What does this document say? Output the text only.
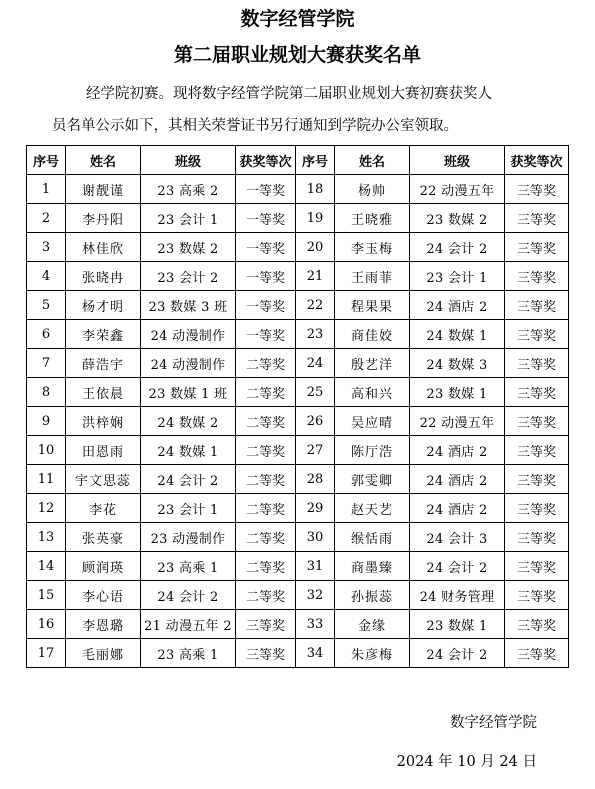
数字经管学院
第二届职业规划大赛获奖名单
经学院初赛。现将数字经管学院第二届职业规划大赛初赛获奖人
员名单公示如下，其相关荣誉证书另行通知到学院办公室领取。
序号	姓名	班级	获奖等次	序号	姓名	班级	获奖等次
1	谢靓谨	23 高乘 2	一等奖	18	杨帅	22 动漫五年	三等奖
2	李丹阳	23 会计 1	一等奖	19	王晓雅	23 数媒 2	三等奖
3	林佳欣	23 数媒 2	一等奖	20	李玉梅	24 会计 2	三等奖
4	张晓冉	23 会计 2	一等奖	21	王雨菲	23 会计 1	三等奖
5	杨才明	23 数媒 3 班	一等奖	22	程果果	24 酒店 2	三等奖
6	李荣鑫	24 动漫制作	一等奖	23	商佳姣	24 数媒 1	三等奖
7	薛浩宇	24 动漫制作	二等奖	24	殷艺洋	24 数媒 3	三等奖
8	王依晨	23 数媒 1 班	二等奖	25	高和兴	23 数媒 1	三等奖
9	洪梓娴	24 数媒 2	二等奖	26	吴应晴	22 动漫五年	三等奖
10	田恩雨	24 数媒 1	二等奖	27	陈厅浩	24 酒店 2	三等奖
11	宇文思蕊	24 会计 2	二等奖	28	郭雯卿	24 酒店 2	三等奖
12	李花	23 会计 1	二等奖	29	赵天艺	24 酒店 2	三等奖
13	张英豪	23 动漫制作	二等奖	30	缑恬雨	24 会计 3	三等奖
14	顾润瑛	23 高乘 1	二等奖	31	商墨臻	24 会计 2	三等奖
15	李心语	24 会计 2	二等奖	32	孙振蕊	24 财务管理	三等奖
16	李恩璐	21 动漫五年 2	三等奖	33	金缘	23 数媒 1	三等奖
17	毛丽娜	23 高乘 1	三等奖	34	朱彦梅	24 会计 2	三等奖
数字经管学院
2024 年 10 月 24 日
